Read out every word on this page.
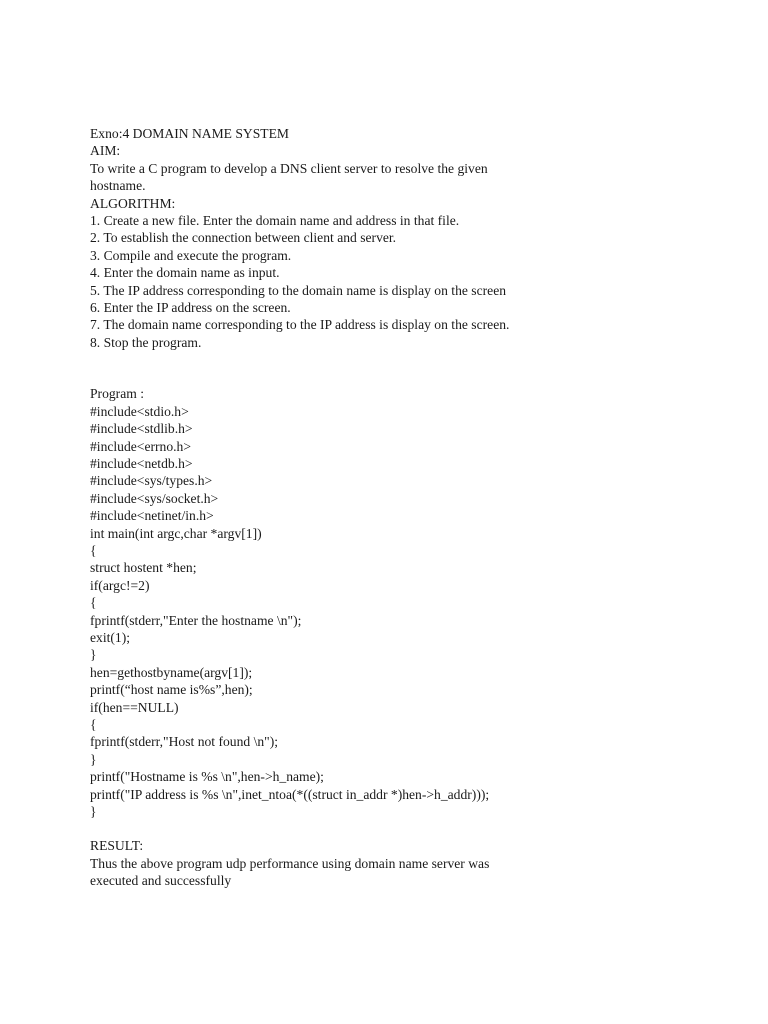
Exno:4 DOMAIN NAME SYSTEM
AIM:
To write a C program to develop a DNS client server to resolve the given
hostname.
ALGORITHM:
1. Create a new file. Enter the domain name and address in that file.
2. To establish the connection between client and server.
3. Compile and execute the program.
4. Enter the domain name as input.
5. The IP address corresponding to the domain name is display on the screen
6. Enter the IP address on the screen.
7. The domain name corresponding to the IP address is display on the screen.
8. Stop the program.
Program :
#include<stdio.h>
#include<stdlib.h>
#include<errno.h>
#include<netdb.h>
#include<sys/types.h>
#include<sys/socket.h>
#include<netinet/in.h>
int main(int argc,char *argv[1])
{
struct hostent *hen;
if(argc!=2)
{
fprintf(stderr,"Enter the hostname \n");
exit(1);
}
hen=gethostbyname(argv[1]);
printf(“host name is%s”,hen);
if(hen==NULL)
{
fprintf(stderr,"Host not found \n");
}
printf("Hostname is %s \n",hen->h_name);
printf("IP address is %s \n",inet_ntoa(*((struct in_addr *)hen->h_addr)));
}
RESULT:
Thus the above program udp performance using domain name server was
executed and successfully
